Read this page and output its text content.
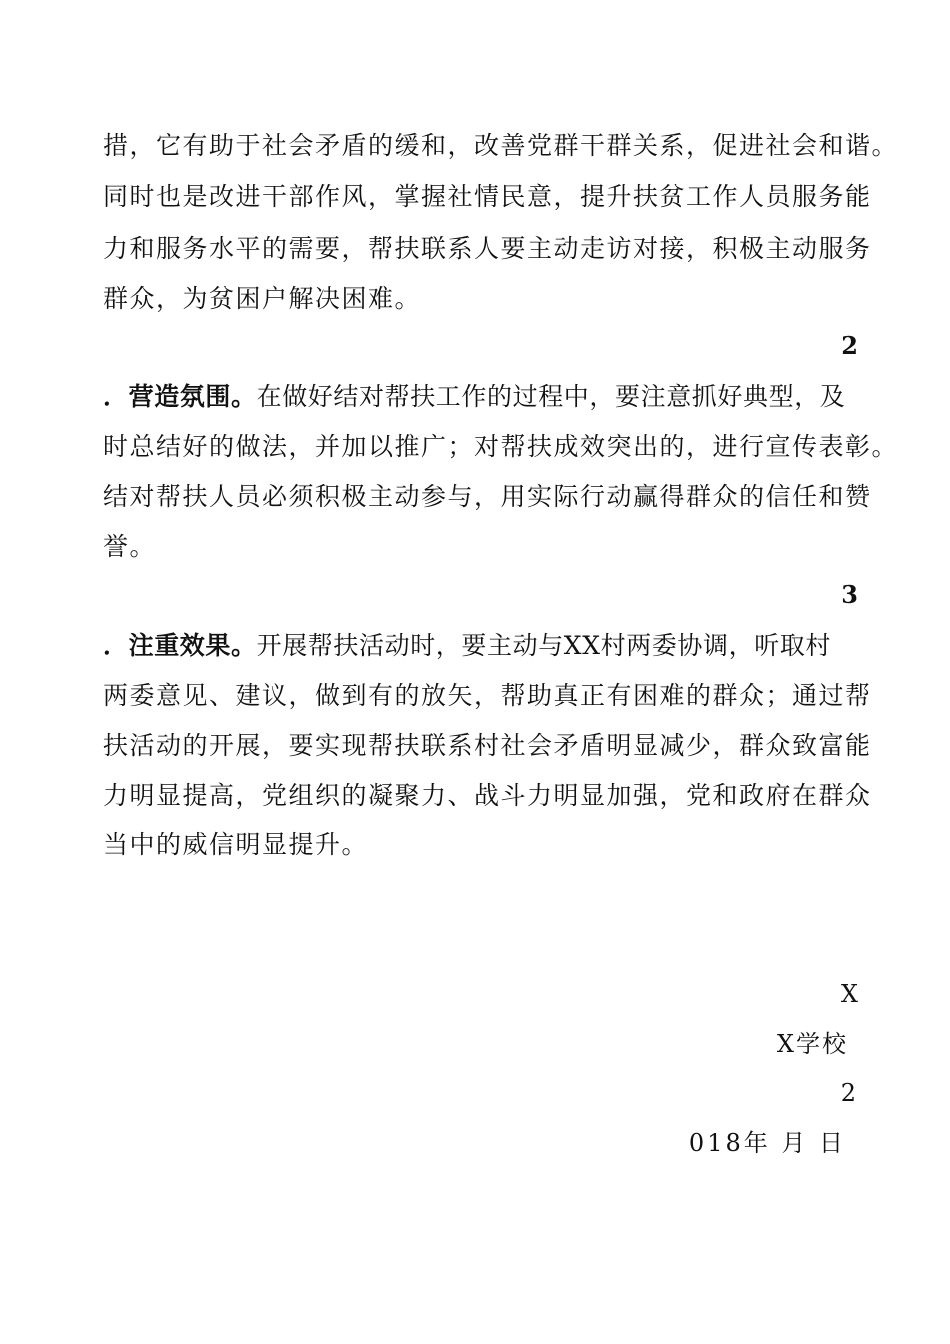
措，它有助于社会矛盾的缓和，改善党群干群关系，促进社会和谐。
同时也是改进干部作风，掌握社情民意，提升扶贫工作人员服务能
力和服务水平的需要，帮扶联系人要主动走访对接，积极主动服务
群众，为贫困户解决困难。
2
．营造氛围。在做好结对帮扶工作的过程中，要注意抓好典型，及
时总结好的做法，并加以推广；对帮扶成效突出的，进行宣传表彰。
结对帮扶人员必须积极主动参与，用实际行动赢得群众的信任和赞
誉。
3
．注重效果。开展帮扶活动时，要主动与XX村两委协调，听取村
两委意见、建议，做到有的放矢，帮助真正有困难的群众；通过帮
扶活动的开展，要实现帮扶联系村社会矛盾明显减少，群众致富能
力明显提高，党组织的凝聚力、战斗力明显加强，党和政府在群众
当中的威信明显提升。
X
X学校
2
018年 月 日
